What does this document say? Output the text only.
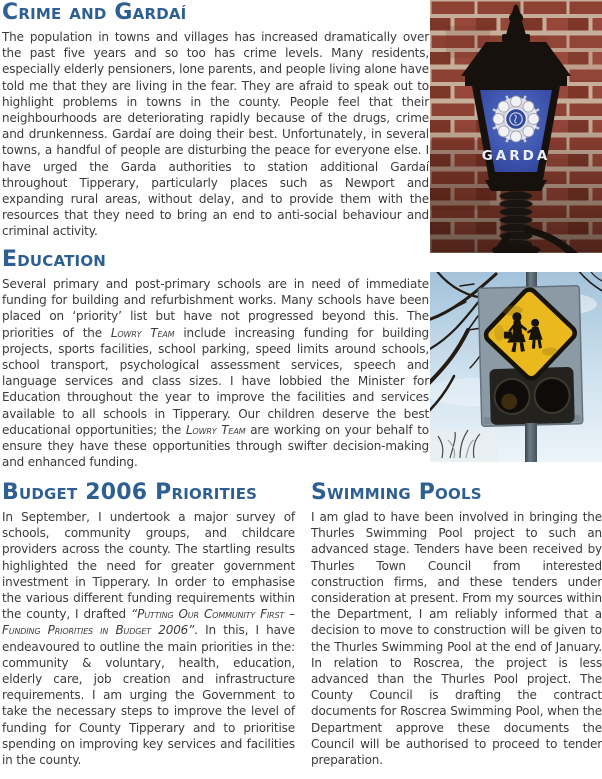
Crime and Gardaí

The population in towns and villages has increased dramatically over the past five years and so too has crime levels. Many residents, especially elderly pensioners, lone parents, and people living alone have told me that they are living in the fear. They are afraid to speak out to highlight problems in towns in the county. People feel that their neighbourhoods are deteriorating rapidly because of the drugs, crime and drunkenness. Gardaí are doing their best. Unfortunately, in several towns, a handful of people are disturbing the peace for everyone else. I have urged the Garda authorities to station additional Gardaí throughout Tipperary, particularly places such as Newport and expanding rural areas, without delay, and to provide them with the resources that they need to bring an end to anti-social behaviour and criminal activity.

GARDA
Education

Several primary and post-primary schools are in need of immediate funding for building and refurbishment works. Many schools have been placed on ‘priority’ list but have not progressed beyond this. The priorities of the Lowry Team include increasing funding for building projects, sports facilities, school parking, speed limits around schools, school transport, psychological assessment services, speech and language services and class sizes. I have lobbied the Minister for Education throughout the year to improve the facilities and services available to all schools in Tipperary. Our children deserve the best educational opportunities; the Lowry Team are working on your behalf to ensure they have these opportunities through swifter decision-making and enhanced funding.

Budget 2006 Priorities

In September, I undertook a major survey of schools, community groups, and childcare providers across the county. The startling results highlighted the need for greater government investment in Tipperary. In order to emphasise the various different funding requirements within the county, I drafted “Putting Our Community First – Funding Priorities in Budget 2006”. In this, I have endeavoured to outline the main priorities in the: community & voluntary, health, education, elderly care, job creation and infrastructure requirements. I am urging the Government to take the necessary steps to improve the level of funding for County Tipperary and to prioritise spending on improving key services and facilities in the county.

Swimming Pools

I am glad to have been involved in bringing the Thurles Swimming Pool project to such an advanced stage. Tenders have been received by Thurles Town Council from interested construction firms, and these tenders under consideration at present. From my sources within the Department, I am reliably informed that a decision to move to construction will be given to the Thurles Swimming Pool at the end of January. In relation to Roscrea, the project is less advanced than the Thurles Pool project. The County Council is drafting the contract documents for Roscrea Swimming Pool, when the Department approve these documents the Council will be authorised to proceed to tender preparation.
